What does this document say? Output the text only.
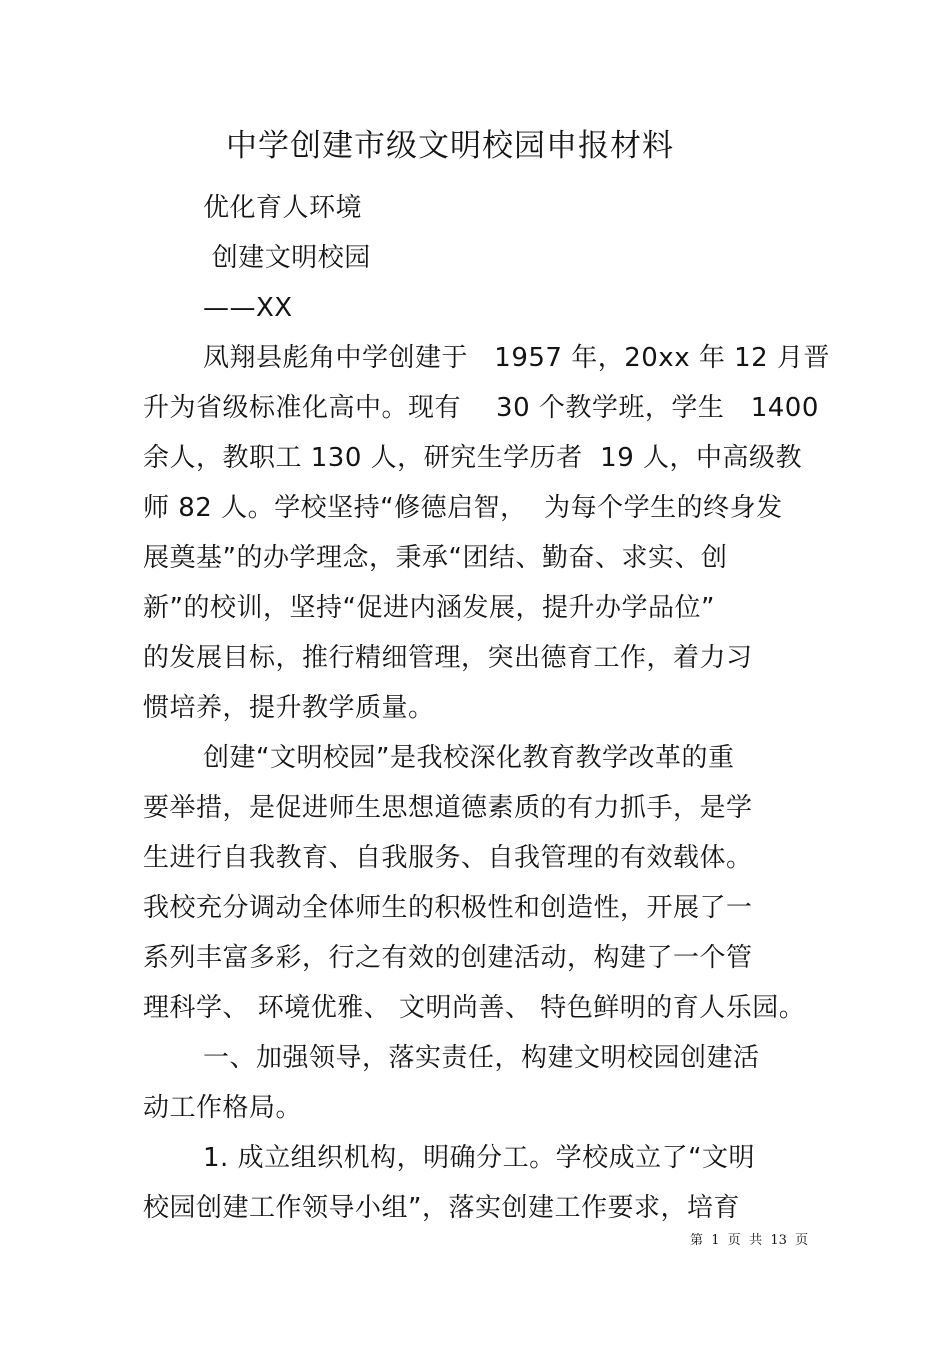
中学创建市级文明校园申报材料
优化育人环境
创建文明校园
——XX
凤翔县彪角中学创建于   1957 年，20xx 年 12 月晋
升为省级标准化高中。现有    30 个教学班，学生   1400
余人，教职工 130 人，研究生学历者  19 人，中高级教
师 82 人。学校坚持“修德启智，  为每个学生的终身发
展奠基”的办学理念，秉承“团结、勤奋、求实、创
新”的校训，坚持“促进内涵发展，提升办学品位”
的发展目标，推行精细管理，突出德育工作，着力习
惯培养，提升教学质量。
创建“文明校园”是我校深化教育教学改革的重
要举措，是促进师生思想道德素质的有力抓手，是学
生进行自我教育、自我服务、自我管理的有效载体。
我校充分调动全体师生的积极性和创造性，开展了一
系列丰富多彩，行之有效的创建活动，构建了一个管
理科学、 环境优雅、 文明尚善、 特色鲜明的育人乐园。
一、加强领导，落实责任，构建文明校园创建活
动工作格局。
1. 成立组织机构，明确分工。学校成立了“文明
校园创建工作领导小组”，落实创建工作要求，培育
第  1  页  共  13  页
